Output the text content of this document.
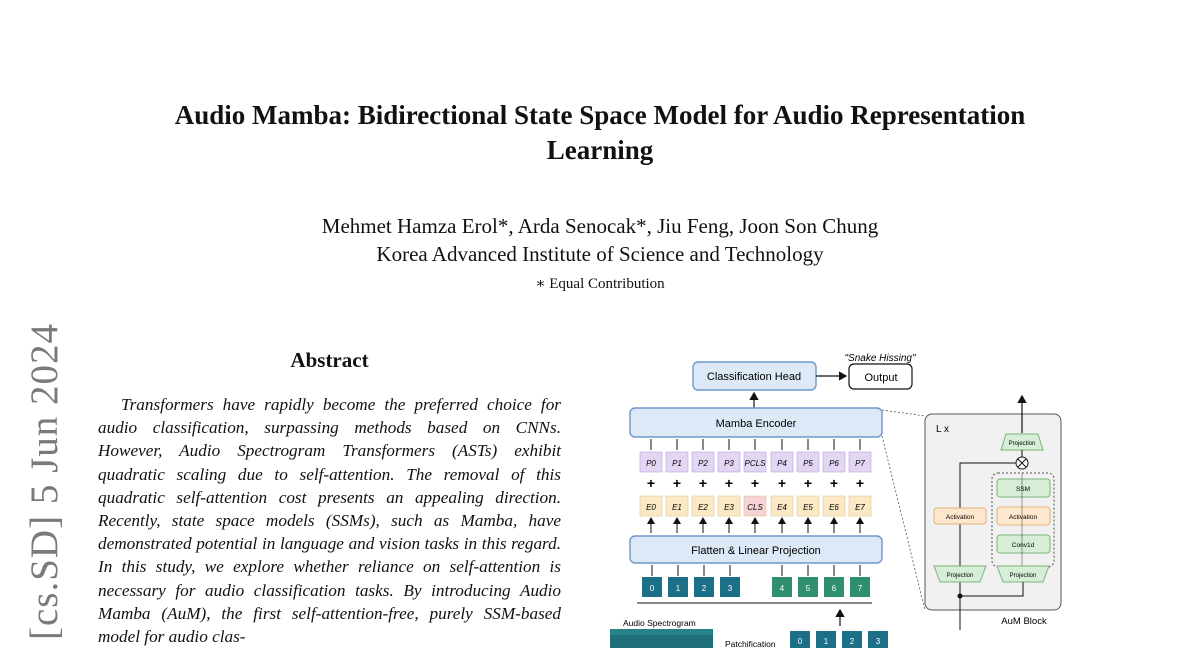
Audio Mamba: Bidirectional State Space Model for Audio Representation
Learning
Mehmet Hamza Erol*, Arda Senocak*, Jiu Feng, Joon Son Chung
Korea Advanced Institute of Science and Technology
∗ Equal Contribution
[cs.SD] 5 Jun 2024	Abstract

Transformers have rapidly become the preferred choice for audio classification, surpassing methods based on CNNs. However, Audio Spectrogram Transformers (ASTs) exhibit quadratic scaling due to self-attention. The removal of this quadratic self-attention cost presents an appealing direction. Recently, state space models (SSMs), such as Mamba, have demonstrated potential in language and vision tasks in this regard. In this study, we explore whether reliance on self-attention is necessary for audio classification tasks. By introducing Audio Mamba (AuM), the first self-attention-free, purely SSM-based model for audio clas-

"Snake Hissing"
Classification Head	Output
Mamba Encoder
P0 P1 P2 P3 PCLS P4 P5 P6 P7
+ + + + + + + + +
E0 E1 E2 E3 CLS E4 E5 E6 E7
Flatten & Linear Projection
0	1	2	3	4	5	6	7
Audio Spectrogram
Patchification	0	1	2	3
L x
AuM Block
Projection
SSM
Activation
Conv1d
Activation
Projection	Projection
